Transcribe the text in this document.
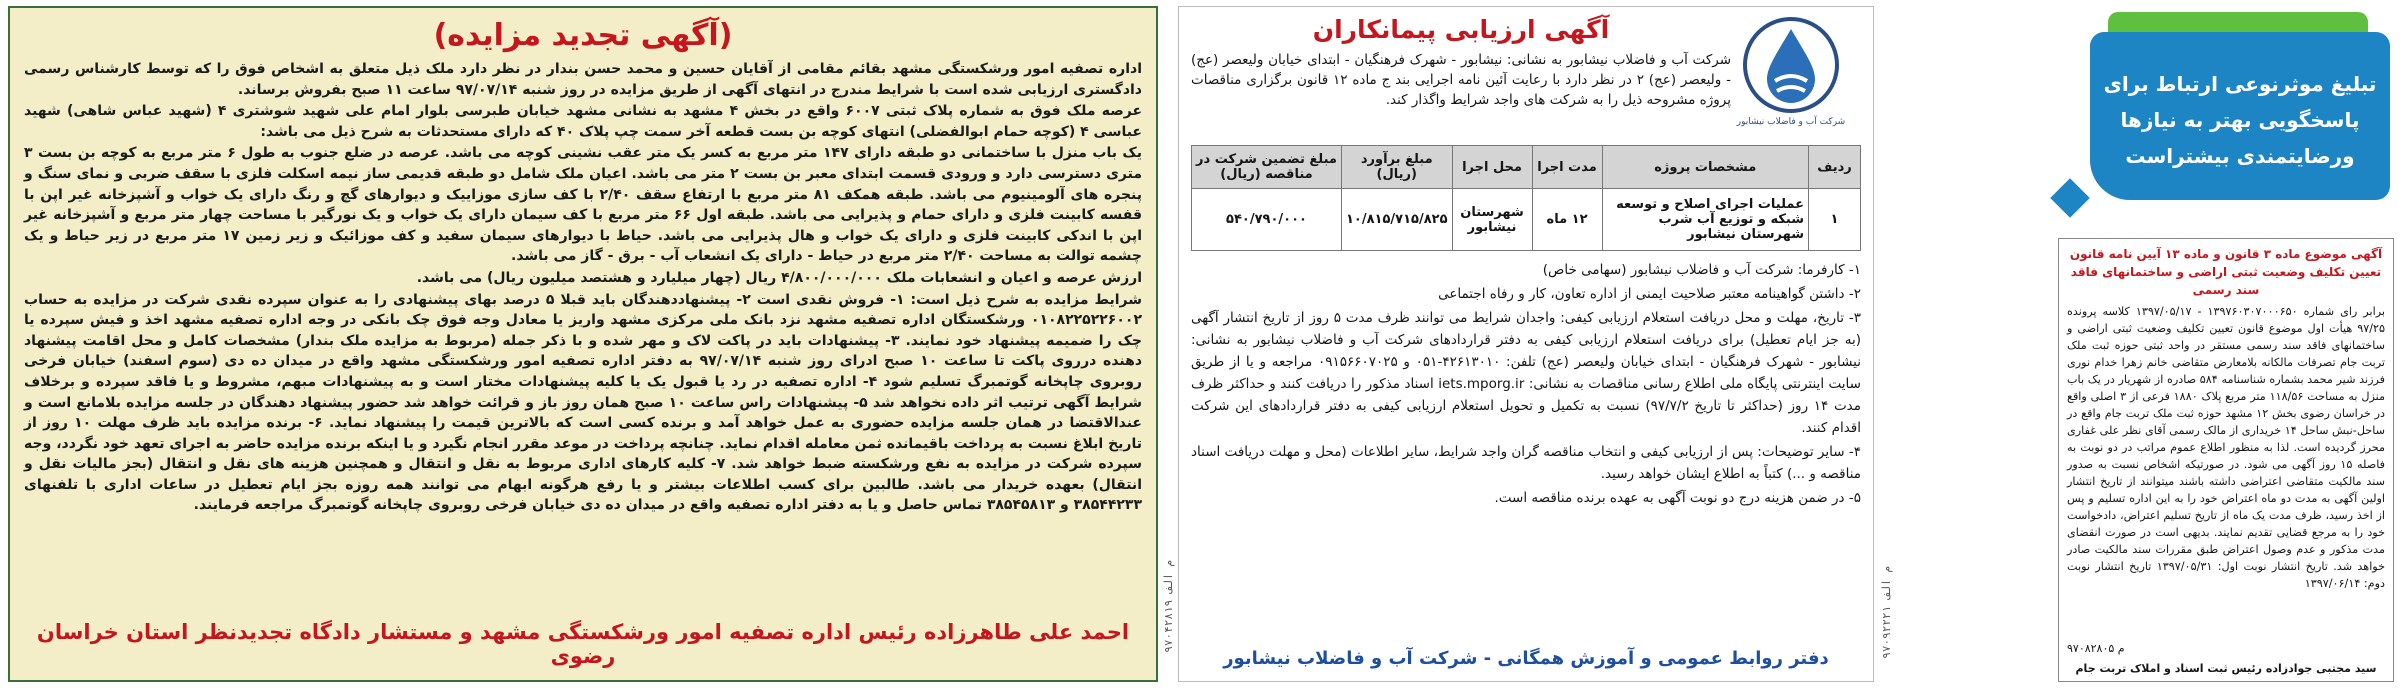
(آگهی تجدید مزایده)

اداره تصفیه امور ورشکستگی مشهد بقائم مقامی از آقایان حسین و محمد حسن بندار در نظر دارد ملک ذیل متعلق به اشخاص فوق را که توسط کارشناس رسمی دادگستری ارزیابی شده است با شرایط مندرج در انتهای آگهی از طریق مزایده در روز شنبه ۹۷/۰۷/۱۴ ساعت ۱۱ صبح بفروش برساند.

عرصه ملک فوق به شماره پلاک ثبتی ۶۰۰۷ واقع در بخش ۴ مشهد به نشانی مشهد خیابان طبرسی بلوار امام علی شهید شوشتری ۴ (شهید عباس شاهی) شهید عباسی ۴ (کوچه حمام ابوالفضلی) انتهای کوچه بن بست قطعه آخر سمت چپ پلاک ۴۰ که دارای مستحدثات به شرح ذیل می باشد:

یک باب منزل با ساختمانی دو طبقه دارای ۱۴۷ متر مربع به کسر یک متر عقب نشینی کوچه می باشد. عرصه در ضلع جنوب به طول ۶ متر مربع به کوچه بن بست ۳ متری دسترسی دارد و ورودی قسمت ابتدای معبر بن بست ۲ متر می باشد. اعیان ملک شامل دو طبقه قدیمی ساز نیمه اسکلت فلزی با سقف ضربی و نمای سنگ و پنجره های آلومینیوم می باشد. طبقه همکف ۸۱ متر مربع با ارتفاع سقف ۲/۴۰ با کف سازی موزاییک و دیوارهای گچ و رنگ دارای یک خواب و آشپزخانه غیر اپن با قفسه کابینت فلزی و دارای حمام و پذیرایی می باشد. طبقه اول ۶۶ متر مربع با کف سیمان دارای یک خواب و یک نورگیر با مساحت چهار متر مربع و آشپزخانه غیر اپن با اندکی کابینت فلزی و دارای یک خواب و هال پذیرایی می باشد. حیاط با دیوارهای سیمان سفید و کف موزائیک و زیر زمین ۱۷ متر مربع در زیر حیاط و یک چشمه توالت به مساحت ۲/۴۰ متر مربع در حیاط - دارای یک انشعاب آب - برق - گاز می باشد.

ارزش عرصه و اعیان و انشعابات ملک ۴/۸۰۰/۰۰۰/۰۰۰ ریال (چهار میلیارد و هشتصد میلیون ریال) می باشد.

شرایط مزایده به شرح ذیل است: ۱- فروش نقدی است ۲- پیشنهاددهندگان باید قبلا ۵ درصد بهای پیشنهادی را به عنوان سپرده نقدی شرکت در مزایده به حساب ۰۱۰۸۲۲۵۲۲۶۰۰۲ ورشکستگان اداره تصفیه مشهد نزد بانک ملی مرکزی مشهد واریز یا معادل وجه فوق چک بانکی در وجه اداره تصفیه مشهد اخذ و فیش سپرده یا چک را ضمیمه پیشنهاد خود نمایند. ۳- پیشنهادات باید در پاکت لاک و مهر شده و با ذکر جمله (مربوط به مزایده ملک بندار) مشخصات کامل و محل اقامت پیشنهاد دهنده درروی پاکت تا ساعت ۱۰ صبح ادرای روز شنبه ۹۷/۰۷/۱۴ به دفتر اداره تصفیه امور ورشکستگی مشهد واقع در میدان ده دی (سوم اسفند) خیابان فرخی روبروی چاپخانه گوتمبرگ تسلیم شود ۴- اداره تصفیه در رد یا قبول یک یا کلیه پیشنهادات مختار است و به پیشنهادات مبهم، مشروط و یا فاقد سپرده و برخلاف شرایط آگهی ترتیب اثر داده نخواهد شد ۵- پیشنهادات راس ساعت ۱۰ صبح همان روز باز و قرائت خواهد شد حضور پیشنهاد دهندگان در جلسه مزایده بلامانع است و عندالاقتضا در همان جلسه مزایده حضوری به عمل خواهد آمد و برنده کسی است که بالاترین قیمت را پیشنهاد نماید. ۶- برنده مزایده باید ظرف مهلت ۱۰ روز از تاریخ ابلاغ نسبت به پرداخت باقیمانده ثمن معامله اقدام نماید. چنانچه پرداخت در موعد مقرر انجام نگیرد و یا اینکه برنده مزایده حاضر به اجرای تعهد خود نگردد، وجه سپرده شرکت در مزایده به نفع ورشکسته ضبط خواهد شد. ۷- کلیه کارهای اداری مربوط به نقل و انتقال و همچنین هزینه های نقل و انتقال (بجز مالیات نقل و انتقال) بعهده خریدار می باشد. طالبین برای کسب اطلاعات بیشتر و یا رفع هرگونه ابهام می توانند همه روزه بجز ایام تعطیل در ساعات اداری با تلفنهای ۳۸۵۴۴۲۳۳ و ۳۸۵۴۵۸۱۳ تماس حاصل و یا به دفتر اداره تصفیه واقع در میدان ده دی خیابان فرخی روبروی چاپخانه گوتمبرگ مراجعه فرمایند.

احمد علی طاهرزاده رئیس اداره تصفیه امور ورشکستگی مشهد و مستشار دادگاه تجدیدنظر استان خراسان رضوی
۹۷۰۴۲۸۱۹ م الف
شرکت آب و فاضلاب نیشابور
آگهی ارزیابی پیمانکاران

شرکت آب و فاضلاب نیشابور به نشانی: نیشابور - شهرک فرهنگیان - ابتدای خیابان ولیعصر (عج) - ولیعصر (عج) ۲ در نظر دارد با رعایت آئین نامه اجرایی بند ج ماده ۱۲ قانون برگزاری مناقصات پروژه مشروحه ذیل را به شرکت های واجد شرایط واگذار کند.

ردیف	مشخصات پروژه	مدت اجرا	محل اجرا	مبلغ برآورد (ریال)	مبلغ تضمین شرکت در مناقصه (ریال)
۱	عملیات اجرای اصلاح و توسعه شبکه و توزیع آب شرب شهرستان نیشابور	۱۲ ماه	شهرستان نیشابور	۱۰/۸۱۵/۷۱۵/۸۲۵	۵۴۰/۷۹۰/۰۰۰

۱- کارفرما: شرکت آب و فاضلاب نیشابور (سهامی خاص)

۲- داشتن گواهینامه معتبر صلاحیت ایمنی از اداره تعاون، کار و رفاه اجتماعی

۳- تاریخ، مهلت و محل دریافت استعلام ارزیابی کیفی: واجدان شرایط می توانند ظرف مدت ۵ روز از تاریخ انتشار آگهی (به جز ایام تعطیل) برای دریافت استعلام ارزیابی کیفی به دفتر قراردادهای شرکت آب و فاضلاب نیشابور به نشانی: نیشابور - شهرک فرهنگیان - ابتدای خیابان ولیعصر (عج) تلفن: ۴۲۶۱۳۰۱۰-۰۵۱ و ۰۹۱۵۶۶۰۷۰۲۵ مراجعه و یا از طریق سایت اینترنتی پایگاه ملی اطلاع رسانی مناقصات به نشانی: iets.mporg.ir اسناد مذکور را دریافت کنند و حداکثر ظرف مدت ۱۴ روز (حداکثر تا تاریخ ۹۷/۷/۲) نسبت به تکمیل و تحویل استعلام ارزیابی کیفی به دفتر قراردادهای این شرکت اقدام کنند.

۴- سایر توضیحات: پس از ارزیابی کیفی و انتخاب مناقصه گران واجد شرایط، سایر اطلاعات (محل و مهلت دریافت اسناد مناقصه و ...) کتباً به اطلاع ایشان خواهد رسید.

۵- در ضمن هزینه درج دو نوبت آگهی به عهده برنده مناقصه است.

دفتر روابط عمومی و آموزش همگانی - شرکت آب و فاضلاب نیشابور	۹۷۰۹۲۲۲۱ م الف
تبلیغ موثرنوعی ارتباط برای
پاسخگویی بهتر به نیازها
ورضایتمندی بیشتراست
آگهی موضوع ماده ۳ قانون و ماده ۱۳ آیین نامه قانون تعیین تکلیف وضعیت ثبتی اراضی و ساختمانهای فاقد سند رسمی
برابر رای شماره ۱۳۹۷۶۰۳۰۷۰۰۰۶۵۰ - ۱۳۹۷/۰۵/۱۷ کلاسه پرونده ۹۷/۲۵ هیأت اول موضوع قانون تعیین تکلیف وضعیت ثبتی اراضی و ساختمانهای فاقد سند رسمی مستقر در واحد ثبتی حوزه ثبت ملک تربت جام تصرفات مالکانه بلامعارض متقاضی خانم زهرا خدام نوری فرزند شیر محمد بشماره شناسنامه ۵۸۴ صادره از شهریار در یک باب منزل به مساحت ۱۱۸/۵۶ متر مربع پلاک ۱۸۸۰ فرعی از ۳ اصلی واقع در خراسان رضوی بخش ۱۲ مشهد حوزه ثبت ملک تربت جام واقع در ساحل-نبش ساحل ۱۴ خریداری از مالک رسمی آقای نظر علی غفاری محرز گردیده است. لذا به منظور اطلاع عموم مراتب در دو نوبت به فاصله ۱۵ روز آگهی می شود. در صورتیکه اشخاص نسبت به صدور سند مالکیت متقاضی اعتراضی داشته باشند میتوانند از تاریخ انتشار اولین آگهی به مدت دو ماه اعتراض خود را به این اداره تسلیم و پس از اخذ رسید، ظرف مدت یک ماه از تاریخ تسلیم اعتراض، دادخواست خود را به مرجع قضایی تقدیم نمایند. بدیهی است در صورت انقضای مدت مذکور و عدم وصول اعتراض طبق مقررات سند مالکیت صادر خواهد شد. تاریخ انتشار نوبت اول: ۱۳۹۷/۰۵/۳۱ تاریخ انتشار نوبت دوم: ۱۳۹۷/۰۶/۱۴
۹۷۰۸۲۸۰۵ م
سید مجتبی جوادزاده رئیس ثبت اسناد و املاک تربت جام
